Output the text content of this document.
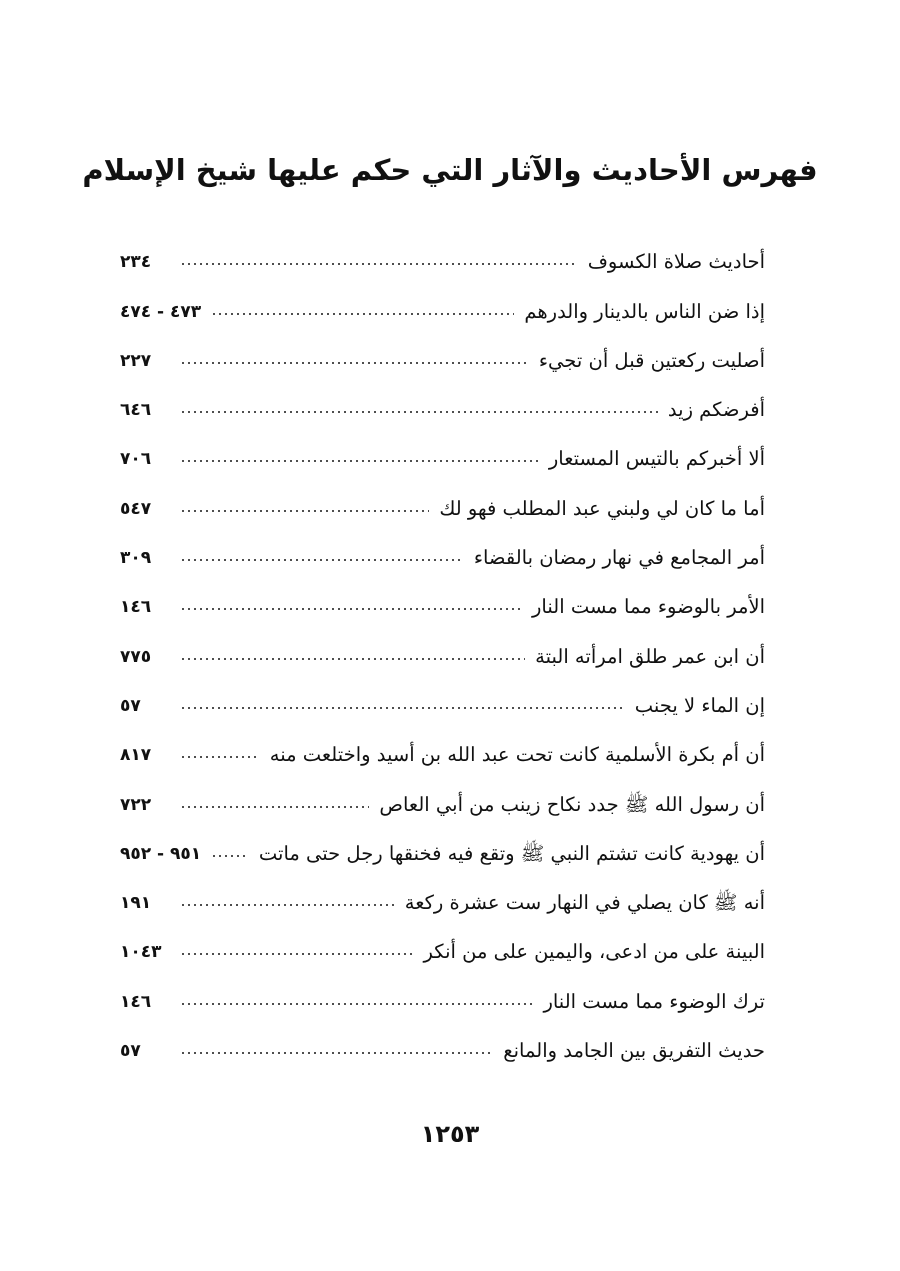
فهرس الأحاديث والآثار التي حكم عليها شيخ الإسلام
أحاديث صلاة الكسوف
٢٣٤
إذا ضن الناس بالدينار والدرهم
٤٧٣ - ٤٧٤
أصليت ركعتين قبل أن تجيء
٢٢٧
أفرضكم زيد
٦٤٦
ألا أخبركم بالتيس المستعار
٧٠٦
أما ما كان لي ولبني عبد المطلب فهو لك
٥٤٧
أمر المجامع في نهار رمضان بالقضاء
٣٠٩
الأمر بالوضوء مما مست النار
١٤٦
أن ابن عمر طلق امرأته البتة
٧٧٥
إن الماء لا يجنب
٥٧
أن أم بكرة الأسلمية كانت تحت عبد الله بن أسيد واختلعت منه
٨١٧
أن رسول الله ﷺ جدد نكاح زينب من أبي العاص
٧٢٢
أن يهودية كانت تشتم النبي ﷺ وتقع فيه فخنقها رجل حتى ماتت
٩٥١ - ٩٥٢
أنه ﷺ كان يصلي في النهار ست عشرة ركعة
١٩١
البينة على من ادعى، واليمين على من أنكر
١٠٤٣
ترك الوضوء مما مست النار
١٤٦
حديث التفريق بين الجامد والمانع
٥٧
١٢٥٣
